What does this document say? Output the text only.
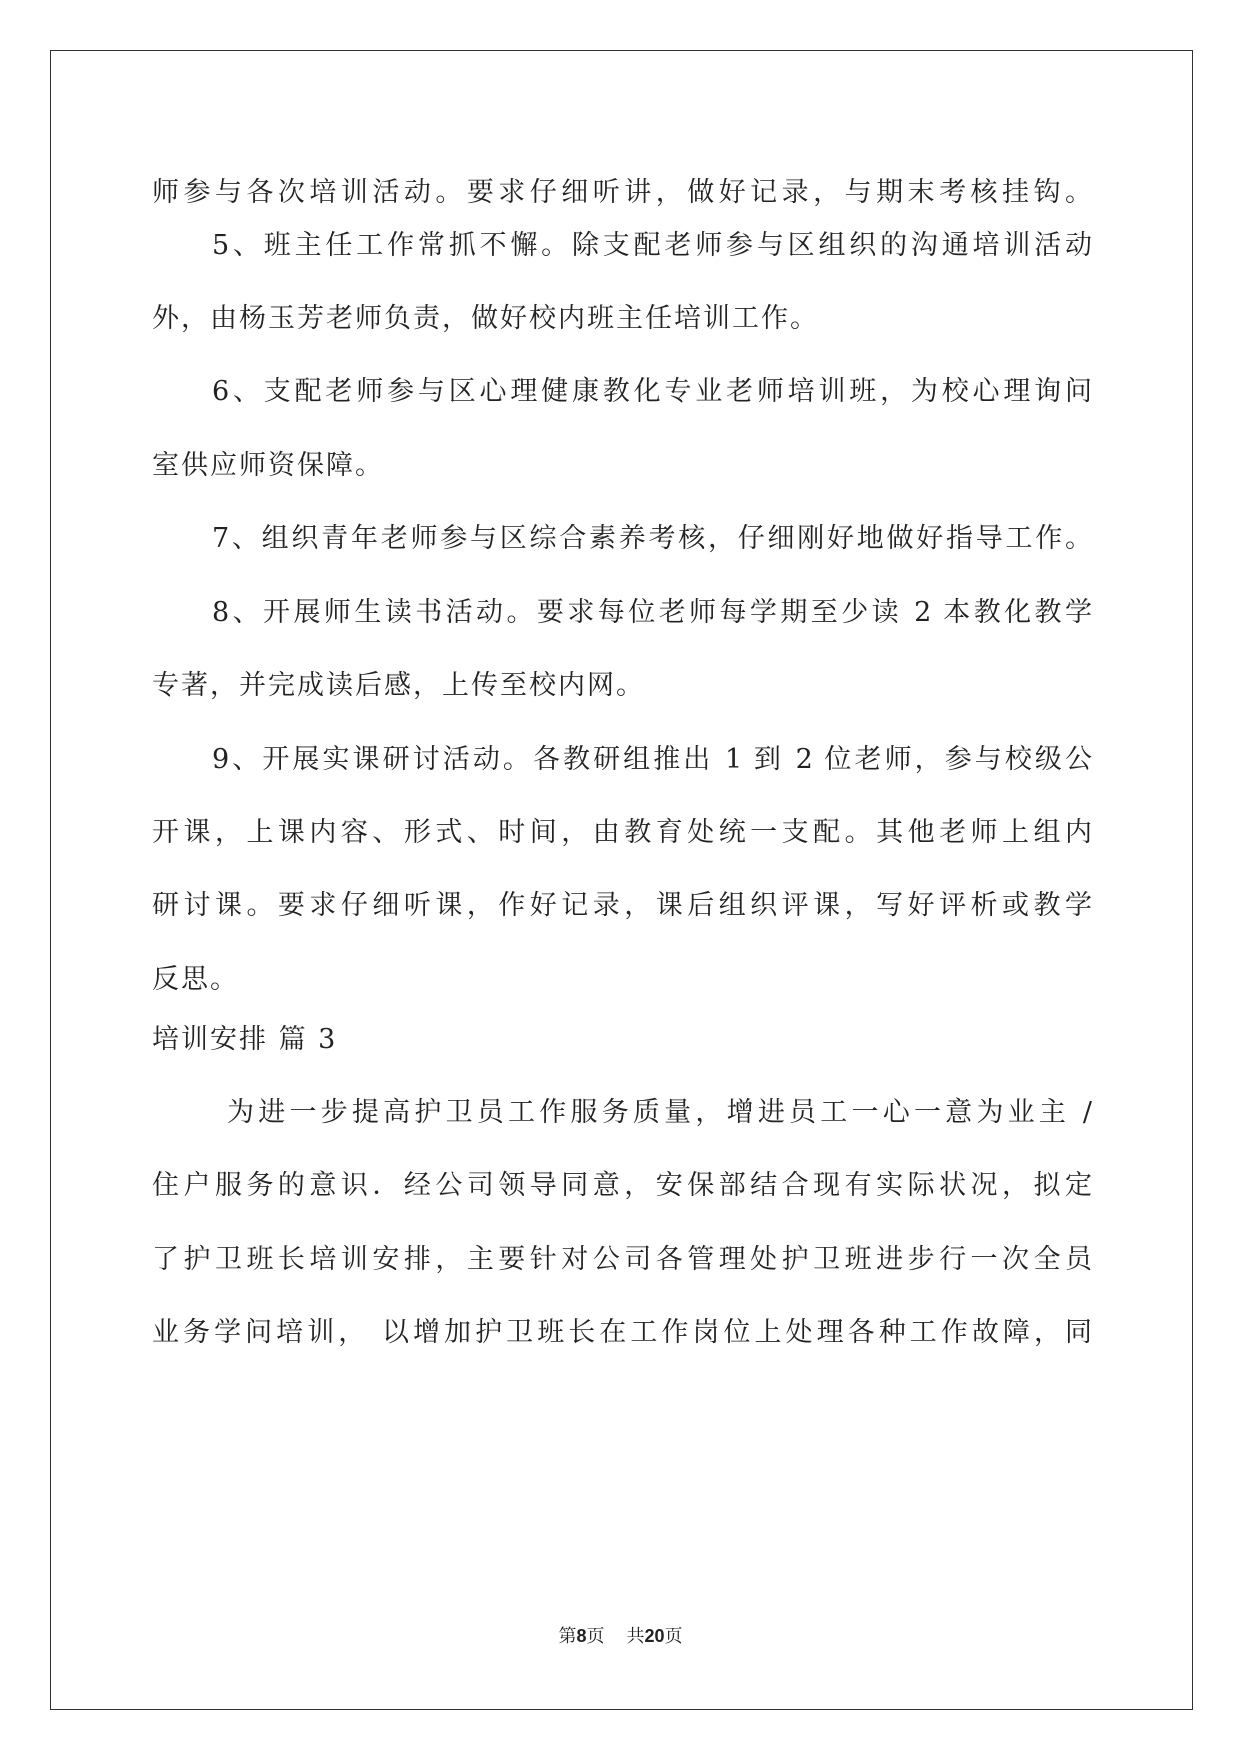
师参与各次培训活动。要求仔细听讲，做好记录，与期末考核挂钩。
5、班主任工作常抓不懈。除支配老师参与区组织的沟通培训活动
外，由杨玉芳老师负责，做好校内班主任培训工作。
6、支配老师参与区心理健康教化专业老师培训班，为校心理询问
室供应师资保障。
7、组织青年老师参与区综合素养考核，仔细刚好地做好指导工作。
8、开展师生读书活动。要求每位老师每学期至少读 2 本教化教学
专著，并完成读后感，上传至校内网。
9、开展实课研讨活动。各教研组推出 1 到 2 位老师，参与校级公
开课，上课内容、形式、时间，由教育处统一支配。其他老师上组内
研讨课。要求仔细听课，作好记录，课后组织评课，写好评析或教学
反思。
培训安排 篇 3
为进一步提高护卫员工作服务质量，增进员工一心一意为业主 /
住户服务的意识．经公司领导同意，安保部结合现有实际状况，拟定
了护卫班长培训安排，主要针对公司各管理处护卫班进步行一次全员
业务学问培训， 以增加护卫班长在工作岗位上处理各种工作故障，同
第8页 共20页
